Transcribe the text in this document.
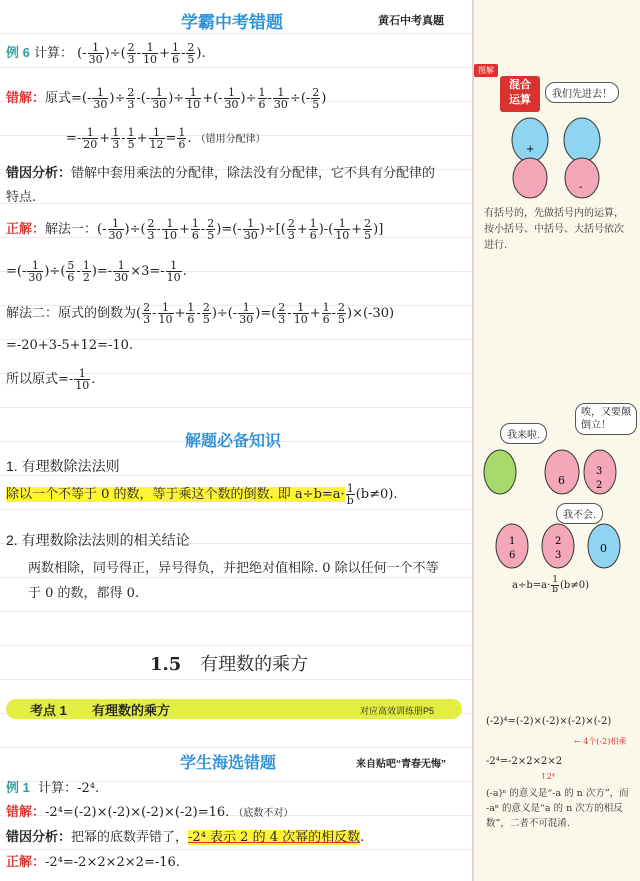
学霸中考错题	黄石中考真题
例 6 计算： (- $\frac{1}{30}$ )÷( $\frac{2}{3} - \frac{1}{10} + \frac{1}{6} - \frac{2}{5}$ ).
错解：原式=(- $\frac{1}{30}$ )÷ $\frac{2}{3}$ -(- $\frac{1}{30}$ )÷ $\frac{1}{10}$ +(- $\frac{1}{30}$ )÷ $\frac{1}{6} - \frac{1}{30}$ ÷(- $\frac{2}{5}$ )
=- $\frac{1}{20} + \frac{1}{3} - \frac{1}{5} + \frac{1}{12} = \frac{1}{6}$ . （错用分配律）
错因分析：错解中套用乘法的分配律，除法没有分配律，它不具有分配律的
特点.
正解：解法一：(- $\frac{1}{30}$ )÷( $\frac{2}{3} - \frac{1}{10} + \frac{1}{6} - \frac{2}{5}$ )=(- $\frac{1}{30}$ )÷[( $\frac{2}{3} + \frac{1}{6}$ )-( $\frac{1}{10} + \frac{2}{5}$ )]
=(- $\frac{1}{30}$ )÷( $\frac{5}{6} - \frac{1}{2}$ )=- $\frac{1}{30} \times 3=- \frac{1}{10}$ .
解法二：原式的倒数为( $\frac{2}{3} - \frac{1}{10} + \frac{1}{6} - \frac{2}{5}$ )÷(- $\frac{1}{30}$ )=( $\frac{2}{3} - \frac{1}{10} + \frac{1}{6} - \frac{2}{5} )\times(-30)$
=-20+3-5+12=-10.
所以原式=- $\frac{1}{10}$ .
解题必备知识
1. 有理数除法法则
除以一个不等于 0 的数，等于乘这个数的倒数. 即 $a\div b=a\cdot \frac{1}{b} (b\ne 0)$.
2. 有理数除法法则的相关结论
两数相除，同号得正，异号得负，并把绝对值相除. 0 除以任何一个不等
于 0 的数，都得 0.
1.5 有理数的乘方
考点 1 有理数的乘方	对应高效训练册P5
学生海选错题	来自贴吧“青春无悔”
例 1 计算：-2⁴.
错解：-2⁴=(-2)×(-2)×(-2)×(-2)=16. （底数不对）
错因分析：把幂的底数弄错了，-2⁴ 表示 2 的 4 次幂的相反数.
正解：-2⁴=-2×2×2×2=-16.
图解
混合
运算	我们先进去！
+
-
有括号的，先做括号内的运算，按小括号、中括号、大括号依次进行.
我来啦.
唉，又要颠倒立！
6
3
2
我不会.
1
6
2
3
0
$a\div b=a\cdot \frac{1}{b} (b\ne 0)$
(-2)⁴=(-2)×(-2)×(-2)×(-2)
← 4个(-2)相乘
-2⁴=-2×2×2×2
↑2⁴
(-a)ⁿ 的意义是“-a 的 n 次方”，而 -aⁿ 的意义是“a 的 n 次方的相反数”，二者不可混淆.
